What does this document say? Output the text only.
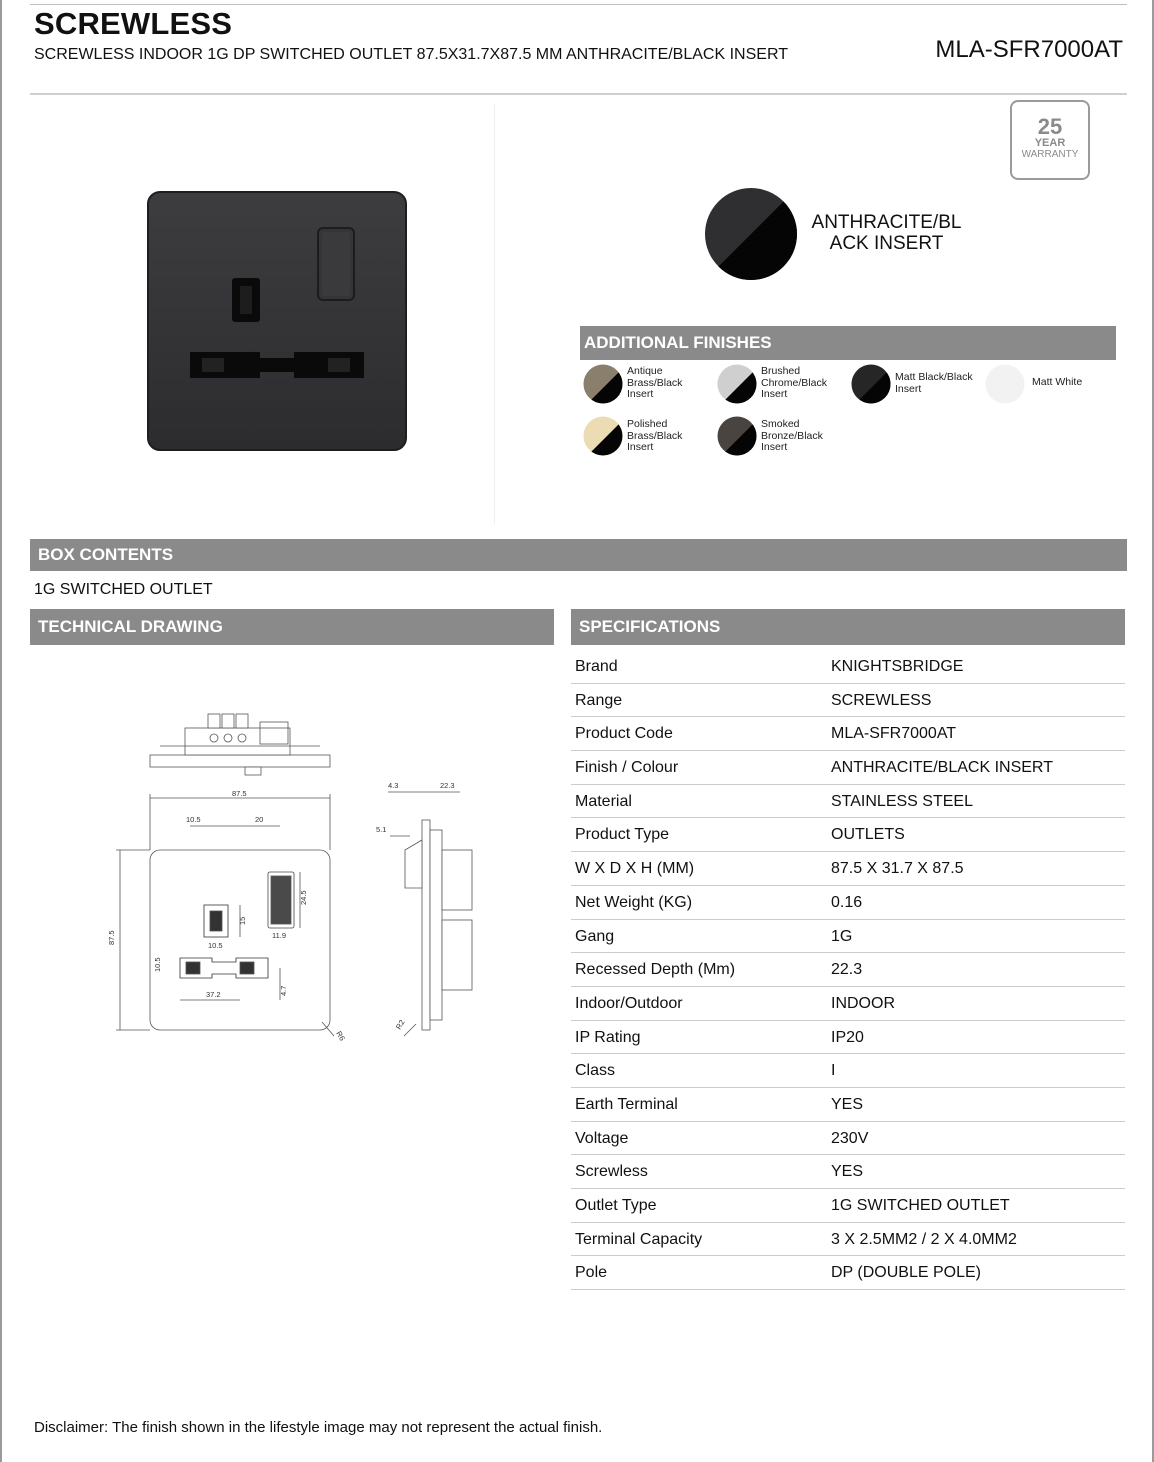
SCREWLESS
SCREWLESS INDOOR 1G DP SWITCHED OUTLET 87.5X31.7X87.5 MM ANTHRACITE/BLACK INSERT	MLA-SFR7000AT
25
YEAR
WARRANTY
ANTHRACITE/BL
ACK INSERT
ADDITIONAL FINISHES
Antique
Brass/Black
Insert
Brushed
Chrome/Black
Insert
Matt Black/Black
Insert
Matt White
Polished
Brass/Black
Insert
Smoked
Bronze/Black
Insert
BOX CONTENTS
1G SWITCHED OUTLET
TECHNICAL DRAWING
87.5
10.5	20
87.5
24.5
11.9
15
10.5
10.5
37.2	4.7
R6
4.3	22.3
5.1
R2
SPECIFICATIONS
Brand	KNIGHTSBRIDGE
Range	SCREWLESS
Product Code	MLA-SFR7000AT
Finish / Colour	ANTHRACITE/BLACK INSERT
Material	STAINLESS STEEL
Product Type	OUTLETS
W X D X H (MM)	87.5 X 31.7 X 87.5
Net Weight (KG)	0.16
Gang	1G
Recessed Depth (Mm)	22.3
Indoor/Outdoor	INDOOR
IP Rating	IP20
Class	I
Earth Terminal	YES
Voltage	230V
Screwless	YES
Outlet Type	1G SWITCHED OUTLET
Terminal Capacity	3 X 2.5MM2 / 2 X 4.0MM2
Pole	DP (DOUBLE POLE)
Disclaimer: The finish shown in the lifestyle image may not represent the actual finish.
